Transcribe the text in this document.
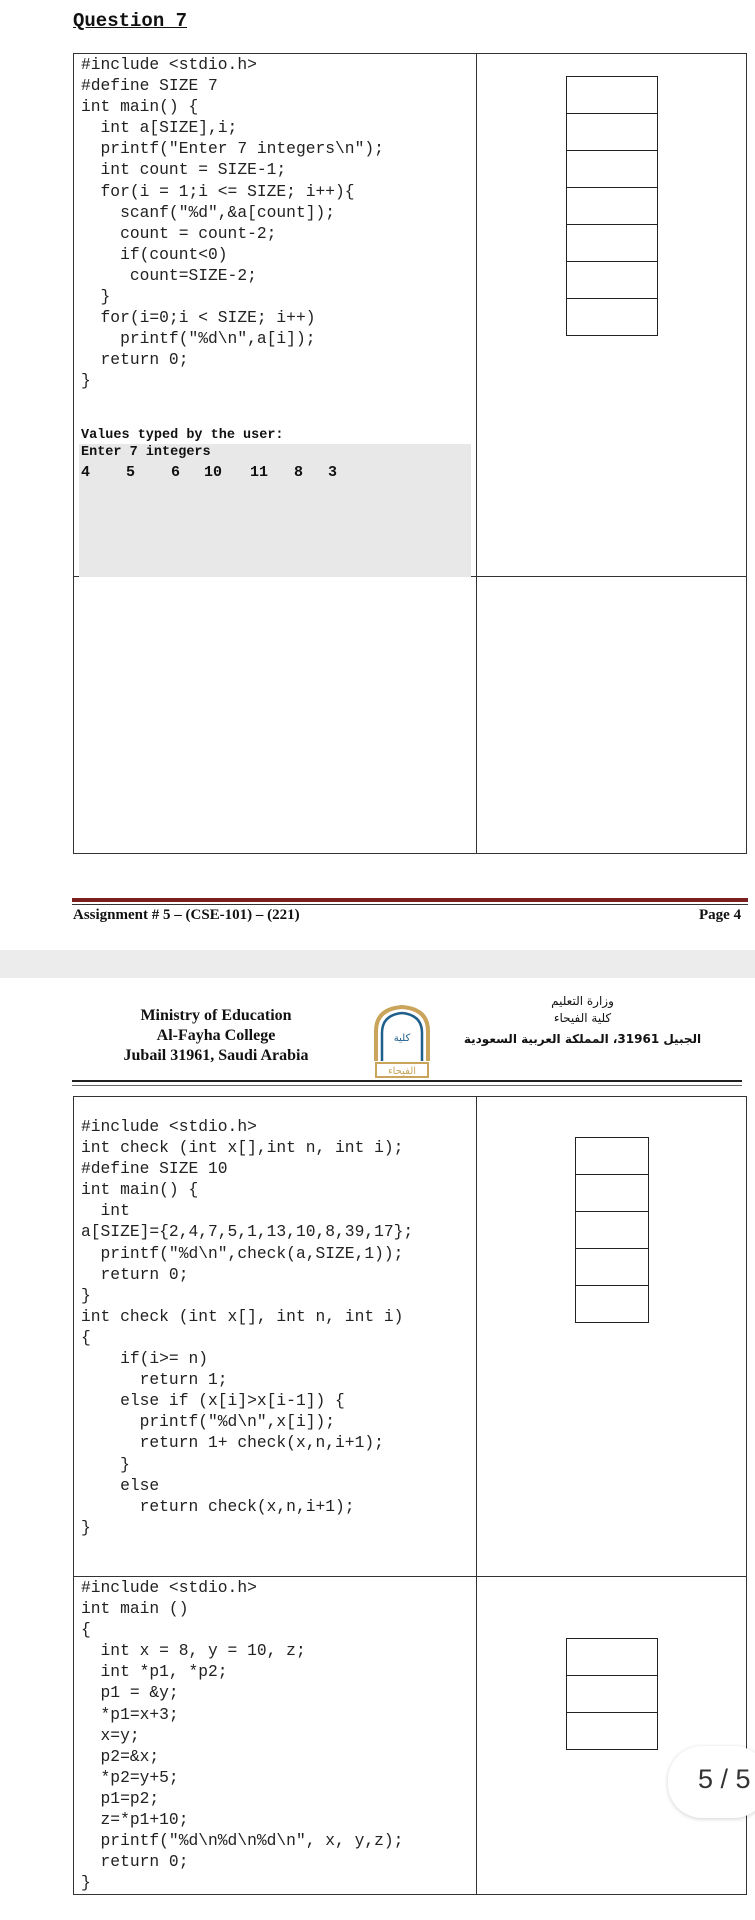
Question 7
#include <stdio.h>
#define SIZE 7
int main() {
int a[SIZE],i;
printf("Enter 7 integers\n");
int count = SIZE-1;
for(i = 1;i <= SIZE; i++){
scanf("%d",&a[count]);
count = count-2;
if(count<0)
count=SIZE-2;
}
for(i=0;i < SIZE; i++)
printf("%d\n",a[i]);
return 0;
}

Values typed by the user:
Enter 7 integers
4 5 6 10 11 8 3
Assignment # 5 – (CSE-101) – (221)	Page 4
Ministry of Education
Al-Fayha College
Jubail 31961, Saudi Arabia
كلية
الفيحاء
وزارة التعليم
كلية الفيحاء
الجبيل 31961، المملكة العربية السعودية
#include <stdio.h>
int check (int x[],int n, int i);
#define SIZE 10
int main() {
int
a[SIZE]={2,4,7,5,1,13,10,8,39,17};
printf("%d\n",check(a,SIZE,1));
return 0;
}
int check (int x[], int n, int i)
{
if(i>= n)
return 1;
else if (x[i]>x[i-1]) {
printf("%d\n",x[i]);
return 1+ check(x,n,i+1);
}
else
return check(x,n,i+1);
}

#include <stdio.h>
int main ()
{
int x = 8, y = 10, z;
int *p1, *p2;
p1 = &y;
*p1=x+3;
x=y;
p2=&x;
*p2=y+5;
p1=p2;
z=*p1+10;
printf("%d\n%d\n%d\n", x, y,z);
return 0;
}

5 / 5
